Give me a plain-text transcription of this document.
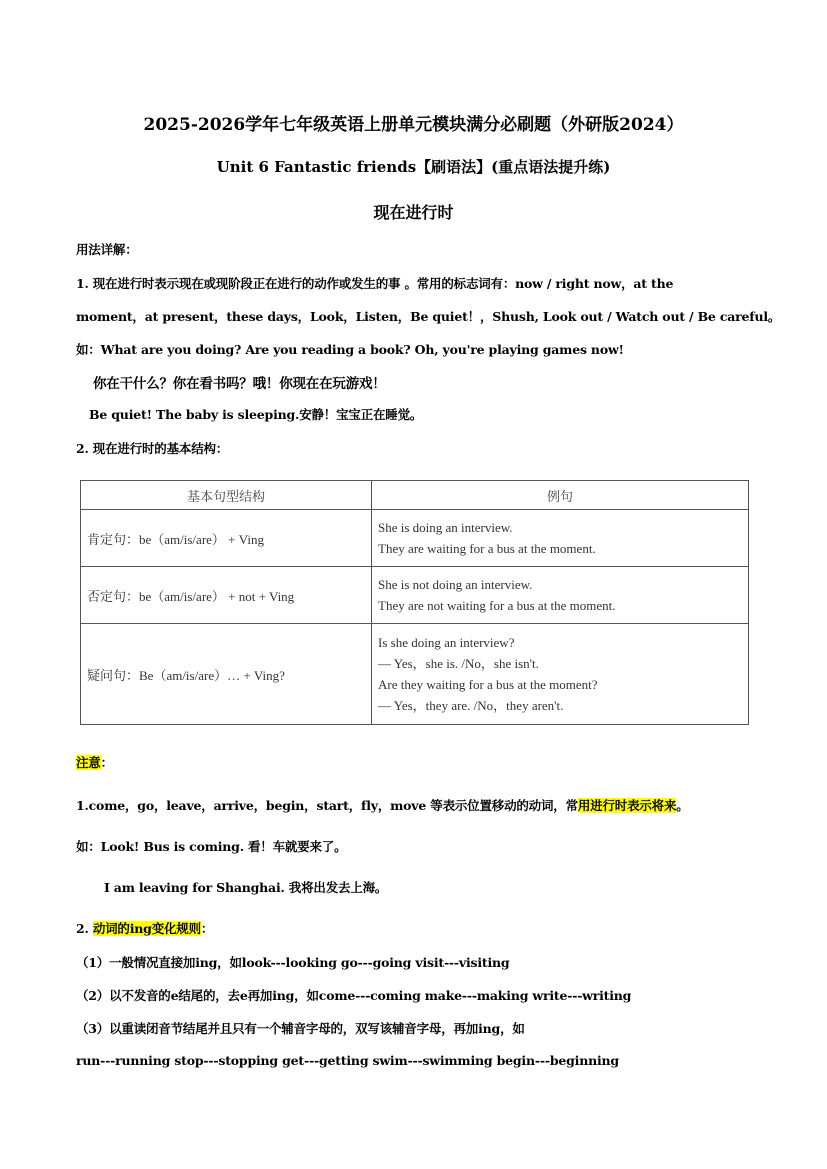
2025-2026学年七年级英语上册单元模块满分必刷题（外研版2024）
Unit 6 Fantastic friends【刷语法】(重点语法提升练)
现在进行时
用法详解：
1. 现在进行时表示现在或现阶段正在进行的动作或发生的事 。常用的标志词有：now / right now，at the
moment，at present，these days，Look，Listen，Be quiet！，Shush, Look out / Watch out / Be careful。
如：What are you doing? Are you reading a book? Oh, you're playing games now!
你在干什么？你在看书吗？哦！你现在在玩游戏！
Be quiet! The baby is sleeping.安静！宝宝正在睡觉。
2. 现在进行时的基本结构：
基本句型结构	例句
肯定句：be（am/is/are） + Ving	She is doing an interview.
They are waiting for a bus at the moment.

否定句：be（am/is/are） + not + Ving	She is not doing an interview.
They are not waiting for a bus at the moment.

疑问句：Be（am/is/are）… + Ving?	Is she doing an interview?
— Yes，she is. /No，she isn't.
Are they waiting for a bus at the moment?
— Yes，they are. /No，they aren't.
注意：
1.come，go，leave，arrive，begin，start，fly，move 等表示位置移动的动词，常用进行时表示将来。
如：Look! Bus is coming. 看！车就要来了。
I am leaving for Shanghai. 我将出发去上海。
2. 动词的ing变化规则：
（1）一般情况直接加ing，如look---looking go---going visit---visiting
（2）以不发音的e结尾的，去e再加ing，如come---coming make---making write---writing
（3）以重读闭音节结尾并且只有一个辅音字母的，双写该辅音字母，再加ing，如
run---running stop---stopping get---getting swim---swimming begin---beginning
